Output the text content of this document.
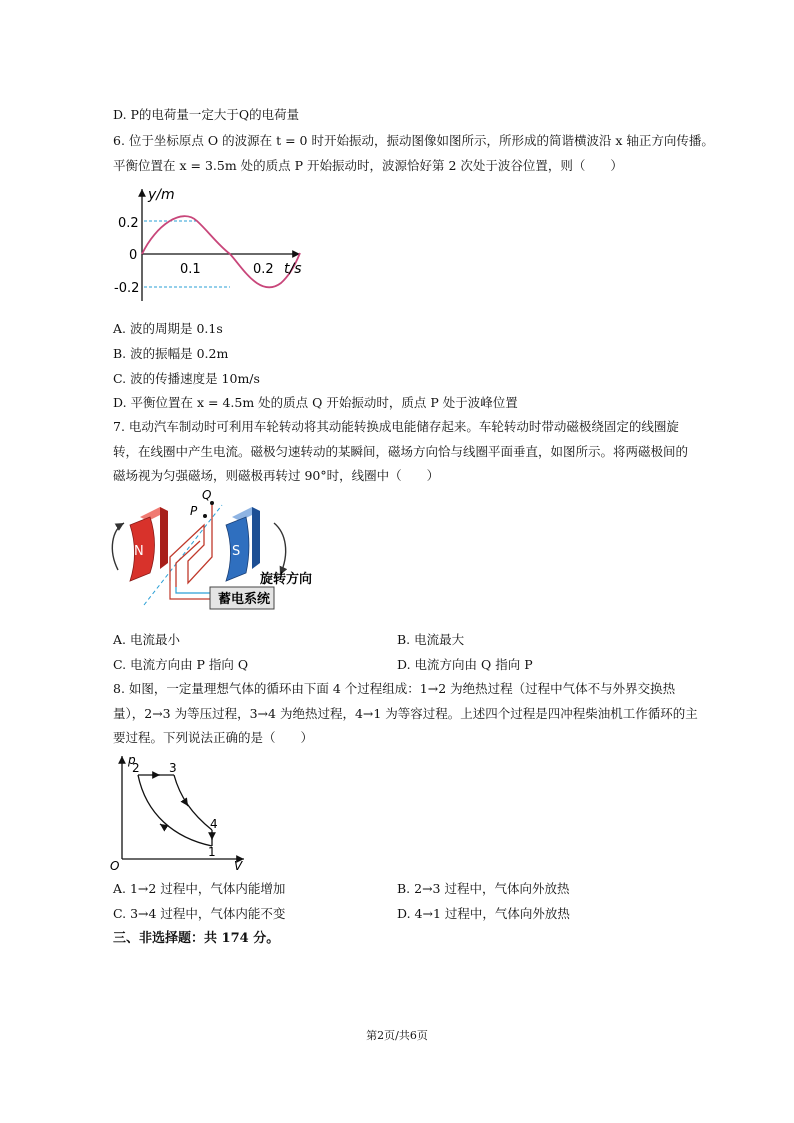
D. P的电荷量一定大于Q的电荷量
6. 位于坐标原点 O 的波源在 t = 0 时开始振动，振动图像如图所示，所形成的简谐横波沿 x 轴正方向传播。
平衡位置在 x = 3.5m 处的质点 P 开始振动时，波源恰好第 2 次处于波谷位置，则（　　）
y/m
0.2
0
-0.2
0.1	0.2 t/s
A. 波的周期是 0.1s
B. 波的振幅是 0.2m
C. 波的传播速度是 10m/s
D. 平衡位置在 x = 4.5m 处的质点 Q 开始振动时，质点 P 处于波峰位置
7. 电动汽车制动时可利用车轮转动将其动能转换成电能储存起来。车轮转动时带动磁极绕固定的线圈旋
转，在线圈中产生电流。磁极匀速转动的某瞬间，磁场方向恰与线圈平面垂直，如图所示。将两磁极间的
磁场视为匀强磁场，则磁极再转过 90°时，线圈中（　　）
N
P
Q
S
蓄电系统
旋转方向
A. 电流最小	B. 电流最大
C. 电流方向由 P 指向 Q	D. 电流方向由 Q 指向 P
8. 如图，一定量理想气体的循环由下面 4 个过程组成：1→2 为绝热过程（过程中气体不与外界交换热
量），2→3 为等压过程，3→4 为绝热过程，4→1 为等容过程。上述四个过程是四冲程柴油机工作循环的主
要过程。下列说法正确的是（　　）
p
V
O
2 3
4
1
A. 1→2 过程中，气体内能增加	B. 2→3 过程中，气体向外放热
C. 3→4 过程中，气体内能不变	D. 4→1 过程中，气体向外放热
三、非选择题：共 174 分。
第2页/共6页
